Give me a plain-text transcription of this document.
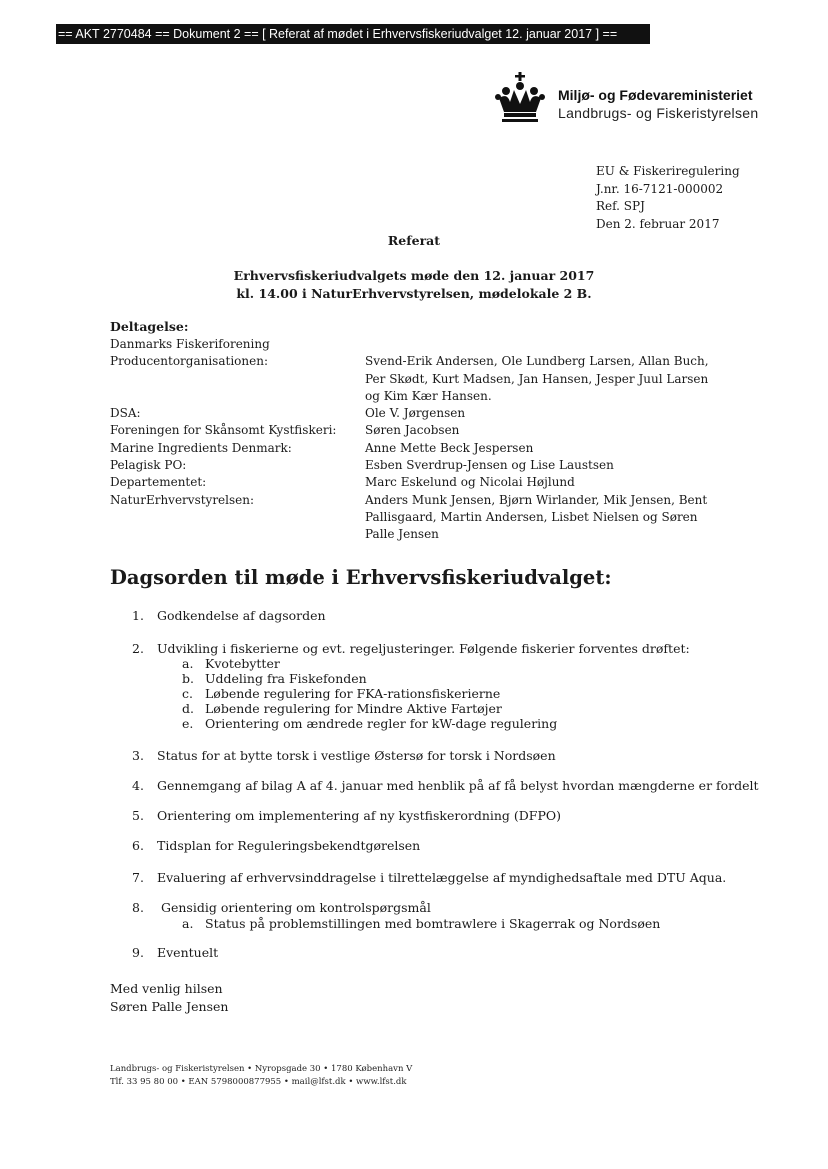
== AKT 2770484 == Dokument 2 == [ Referat af mødet i Erhvervsfiskeriudvalget 12. januar 2017 ] ==
Miljø- og Fødevareministeriet
Landbrugs- og Fiskeristyrelsen
EU & Fiskeriregulering
J.nr. 16-7121-000002
Ref. SPJ
Den 2. februar 2017
Referat
Erhvervsfiskeriudvalgets møde den 12. januar 2017
kl. 14.00 i NaturErhvervstyrelsen, mødelokale 2 B.
Deltagelse:
Danmarks Fiskeriforening
Producentorganisationen:	Svend-Erik Andersen, Ole Lundberg Larsen, Allan Buch, Per Skødt, Kurt Madsen, Jan Hansen, Jesper Juul Larsen og Kim Kær Hansen.
DSA:	Ole V. Jørgensen
Foreningen for Skånsomt Kystfiskeri:	Søren Jacobsen
Marine Ingredients Denmark:	Anne Mette Beck Jespersen
Pelagisk PO:	Esben Sverdrup-Jensen og Lise Laustsen
Departementet:	Marc Eskelund og Nicolai Højlund
NaturErhvervstyrelsen:	Anders Munk Jensen, Bjørn Wirlander, Mik Jensen, Bent Pallisgaard, Martin Andersen, Lisbet Nielsen og Søren Palle Jensen
Dagsorden til møde i Erhvervsfiskeriudvalget:
1.	Godkendelse af dagsorden
2.	Udvikling i fiskerierne og evt. regeljusteringer. Følgende fiskerier forventes drøftet:
a. Kvotebytter
b. Uddeling fra Fiskefonden
c. Løbende regulering for FKA-rationsfiskerierne
d. Løbende regulering for Mindre Aktive Fartøjer
e. Orientering om ændrede regler for kW-dage regulering
3.	Status for at bytte torsk i vestlige Østersø for torsk i Nordsøen
4.	Gennemgang af bilag A af 4. januar med henblik på af få belyst hvordan mængderne er fordelt
5.	Orientering om implementering af ny kystfiskerordning (DFPO)
6.	Tidsplan for Reguleringsbekendtgørelsen
7.	Evaluering af erhvervsinddragelse i tilrettelæggelse af myndighedsaftale med DTU Aqua.
8.	Gensidig orientering om kontrolspørgsmål
a. Status på problemstillingen med bomtrawlere i Skagerrak og Nordsøen
9.	Eventuelt
Med venlig hilsen
Søren Palle Jensen
Landbrugs- og Fiskeristyrelsen • Nyropsgade 30 • 1780 København V
Tlf. 33 95 80 00 • EAN 5798000877955 • mail@lfst.dk • www.lfst.dk
